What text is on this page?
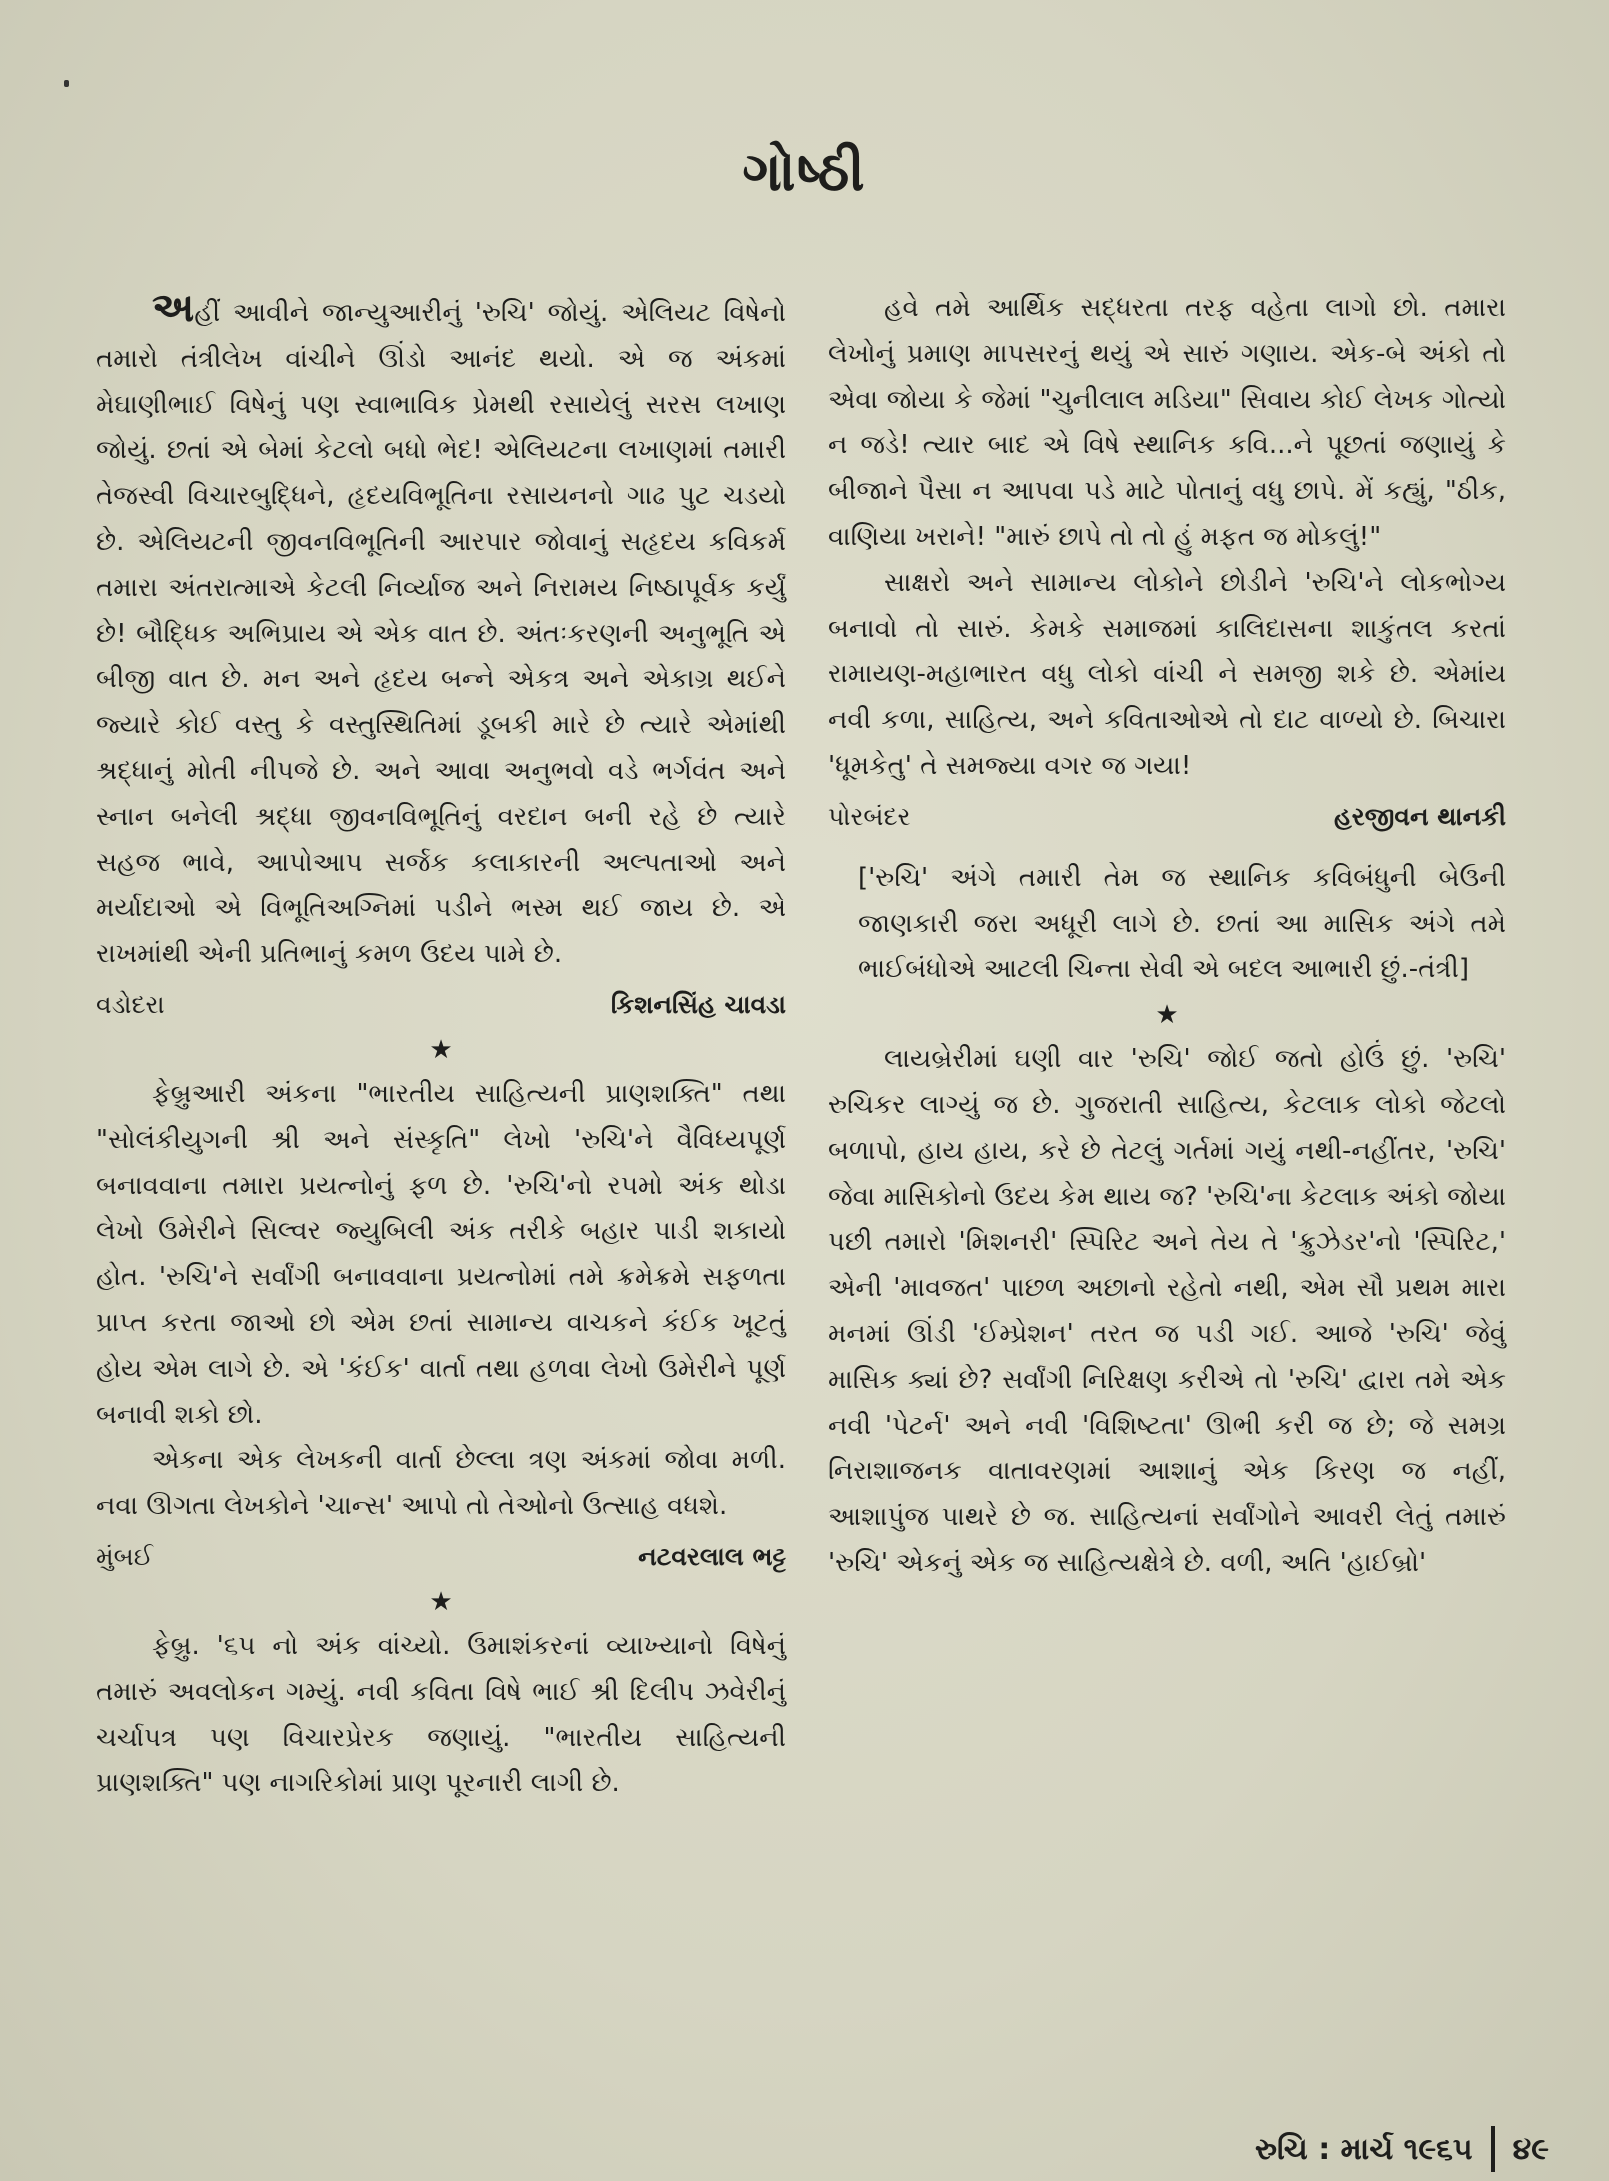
ગોષ્ઠી

અહીં આવીને જાન્યુઆરીનું 'રુચિ' જોયું. એલિયટ વિષેનો તમારો તંત્રીલેખ વાંચીને ઊંડો આનંદ થયો. એ જ અંકમાં મેઘાણીભાઈ વિષેનું પણ સ્વાભાવિક પ્રેમથી રસાયેલું સરસ લખાણ જોયું. છતાં એ બેમાં કેટલો બધો ભેદ! એલિયટના લખાણમાં તમારી તેજસ્વી વિચારબુદ્ધિને, હૃદયવિભૂતિના રસાયનનો ગાઢ પુટ ચડયો છે. એલિયટની જીવનવિભૂતિની આરપાર જોવાનું સહૃદય કવિકર્મ તમારા અંતરાત્માએ કેટલી નિર્વ્યાજ અને નિરામય નિષ્ઠાપૂર્વક કર્યું છે! બૌદ્ધિક અભિપ્રાય એ એક વાત છે. અંતઃકરણની અનુભૂતિ એ બીજી વાત છે. મન અને હૃદય બન્ને એકત્ર અને એકાગ્ર થઈને જ્યારે કોઈ વસ્તુ કે વસ્તુસ્થિતિમાં ડૂબકી મારે છે ત્યારે એમાંથી શ્રદ્ધાનું મોતી નીપજે છે. અને આવા અનુભવો વડે ભર્ગવંત અને સ્નાન બનેલી શ્રદ્ધા જીવનવિભૂતિનું વરદાન બની રહે છે ત્યારે સહજ ભાવે, આપોઆપ સર્જક કલાકારની અલ્પતાઓ અને મર્યાદાઓ એ વિભૂતિઅગ્નિમાં પડીને ભસ્મ થઈ જાય છે. એ રાખમાંથી એની પ્રતિભાનું કમળ ઉદય પામે છે.

વડોદરા	કિશનસિંહ ચાવડા
★

ફેબ્રુઆરી અંકના "ભારતીય સાહિત્યની પ્રાણશક્તિ" તથા "સોલંકીયુગની શ્રી અને સંસ્કૃતિ" લેખો 'રુચિ'ને વૈવિધ્યપૂર્ણ બનાવવાના તમારા પ્રયત્નોનું ફળ છે. 'રુચિ'નો ર૫મો અંક થોડા લેખો ઉમેરીને સિલ્વર જ્યુબિલી અંક તરીકે બહાર પાડી શકાયો હોત. 'રુચિ'ને સર્વાંગી બનાવવાના પ્રયત્નોમાં તમે ક્રમેક્રમે સફળતા પ્રાપ્ત કરતા જાઓ છો એમ છતાં સામાન્ય વાચકને કંઈક ખૂટતું હોય એમ લાગે છે. એ 'કંઈક' વાર્તા તથા હળવા લેખો ઉમેરીને પૂર્ણ બનાવી શકો છો.

એકના એક લેખકની વાર્તા છેલ્લા ત્રણ અંકમાં જોવા મળી. નવા ઊગતા લેખકોને 'ચાન્સ' આપો તો તેઓનો ઉત્સાહ વધશે.

મુંબઈ	નટવરલાલ ભટ્ટ
★

ફેબ્રુ. '૬૫ નો અંક વાંચ્યો. ઉમાશંકરનાં વ્યાખ્યાનો વિષેનું તમારું અવલોકન ગમ્યું. નવી કવિતા વિષે ભાઈ શ્રી દિલીપ ઝવેરીનું ચર્ચાપત્ર પણ વિચારપ્રેરક જણાયું. "ભારતીય સાહિત્યની પ્રાણશક્તિ" પણ નાગરિકોમાં પ્રાણ પૂરનારી લાગી છે.

હવે તમે આર્થિક સદ્ધરતા તરફ વહેતા લાગો છો. તમારા લેખોનું પ્રમાણ માપસરનું થયું એ સારું ગણાય. એક-બે અંકો તો એવા જોયા કે જેમાં "ચુનીલાલ મડિયા" સિવાય કોઈ લેખક ગોત્યો ન જડે! ત્યાર બાદ એ વિષે સ્થાનિક કવિ...ને પૂછતાં જણાયું કે બીજાને પૈસા ન આપવા પડે માટે પોતાનું વધુ છાપે. મેં કહ્યું, "ઠીક, વાણિયા ખરાને! "મારું છાપે તો તો હું મફત જ મોકલું!"

સાક્ષરો અને સામાન્ય લોકોને છોડીને 'રુચિ'ને લોકભોગ્ય બનાવો તો સારું. કેમકે સમાજમાં કાલિદાસના શાકુંતલ કરતાં રામાયણ-મહાભારત વધુ લોકો વાંચી ને સમજી શકે છે. એમાંય નવી કળા, સાહિત્ય, અને કવિતાઓએ તો દાટ વાળ્યો છે. બિચારા 'ધૂમકેતુ' તે સમજ્યા વગર જ ગયા!

પોરબંદર	હરજીવન થાનકી

['રુચિ' અંગે તમારી તેમ જ સ્થાનિક કવિબંધુની બેઉની જાણકારી જરા અધૂરી લાગે છે. છતાં આ માસિક અંગે તમે ભાઈબંધોએ આટલી ચિન્તા સેવી એ બદલ આભારી છું.-તંત્રી]

★

લાયબ્રેરીમાં ઘણી વાર 'રુચિ' જોઈ જતો હોઉં છું. 'રુચિ' રુચિકર લાગ્યું જ છે. ગુજરાતી સાહિત્ય, કેટલાક લોકો જેટલો બળાપો, હાય હાય, કરે છે તેટલું ગર્તમાં ગયું નથી-નહીંતર, 'રુચિ' જેવા માસિકોનો ઉદય કેમ થાય જ? 'રુચિ'ના કેટલાક અંકો જોયા પછી તમારો 'મિશનરી' સ્પિરિટ અને તેય તે 'ક્રુઝેડર'નો 'સ્પિરિટ,' એની 'માવજત' પાછળ અછાનો રહેતો નથી, એમ સૌ પ્રથમ મારા મનમાં ઊંડી 'ઈમ્પ્રેશન' તરત જ પડી ગઈ. આજે 'રુચિ' જેવું માસિક ક્યાં છે? સર્વાંગી નિરિક્ષણ કરીએ તો 'રુચિ' દ્વારા તમે એક નવી 'પેટર્ન' અને નવી 'વિશિષ્ટતા' ઊભી કરી જ છે; જે સમગ્ર નિરાશાજનક વાતાવરણમાં આશાનું એક કિરણ જ નહીં, આશાપુંજ પાથરે છે જ. સાહિત્યનાં સર્વાંગોને આવરી લેતું તમારું 'રુચિ' એકનું એક જ સાહિત્યક્ષેત્રે છે. વળી, અતિ 'હાઈબ્રો'

રુચિ : માર્ચ ૧૯૬૫ ૪૯
